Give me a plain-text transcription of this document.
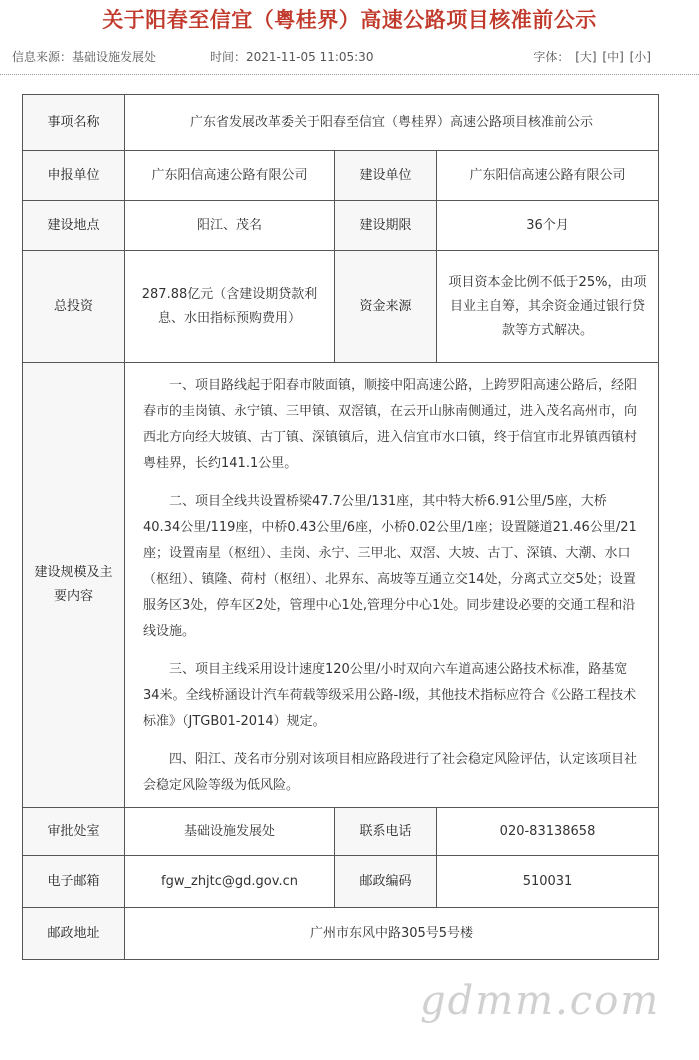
关于阳春至信宜（粤桂界）高速公路项目核准前公示
信息来源：基础设施发展处	时间：2021-11-05 11:05:30	字体： [大] [中] [小]
事项名称	广东省发展改革委关于阳春至信宜（粤桂界）高速公路项目核准前公示		
申报单位	广东阳信高速公路有限公司	建设单位	广东阳信高速公路有限公司
建设地点	阳江、茂名	建设期限	36个月
总投资	287.88亿元（含建设期贷款利息、水田指标预购费用）	资金来源	项目资本金比例不低于25%，由项目业主自筹，其余资金通过银行贷款等方式解决。
建设规模及主要内容	一、项目路线起于阳春市陂面镇，顺接中阳高速公路，上跨罗阳高速公路后，经阳春市的圭岗镇、永宁镇、三甲镇、双滘镇，在云开山脉南侧通过，进入茂名高州市，向西北方向经大坡镇、古丁镇、深镇镇后，进入信宜市水口镇，终于信宜市北界镇西镇村粤桂界，长约141.1公里。

二、项目全线共设置桥梁47.7公里/131座，其中特大桥6.91公里/5座，大桥40.34公里/119座，中桥0.43公里/6座，小桥0.02公里/1座；设置隧道21.46公里/21座；设置南星（枢纽）、圭岗、永宁、三甲北、双滘、大坡、古丁、深镇、大潮、水口（枢纽）、镇隆、荷村（枢纽）、北界东、高坡等互通立交14处，分离式立交5处；设置服务区3处，停车区2处，管理中心1处,管理分中心1处。同步建设必要的交通工程和沿线设施。

三、项目主线采用设计速度120公里/小时双向六车道高速公路技术标准，路基宽34米。全线桥涵设计汽车荷载等级采用公路-I级，其他技术指标应符合《公路工程技术标准》（JTGB01-2014）规定。

四、阳江、茂名市分别对该项目相应路段进行了社会稳定风险评估，认定该项目社会稳定风险等级为低风险。		

审批处室	基础设施发展处	联系电话	020-83138658
电子邮箱	fgw_zhjtc@gd.gov.cn	邮政编码	510031
邮政地址	广州市东风中路305号5号楼		
gdmm.com
